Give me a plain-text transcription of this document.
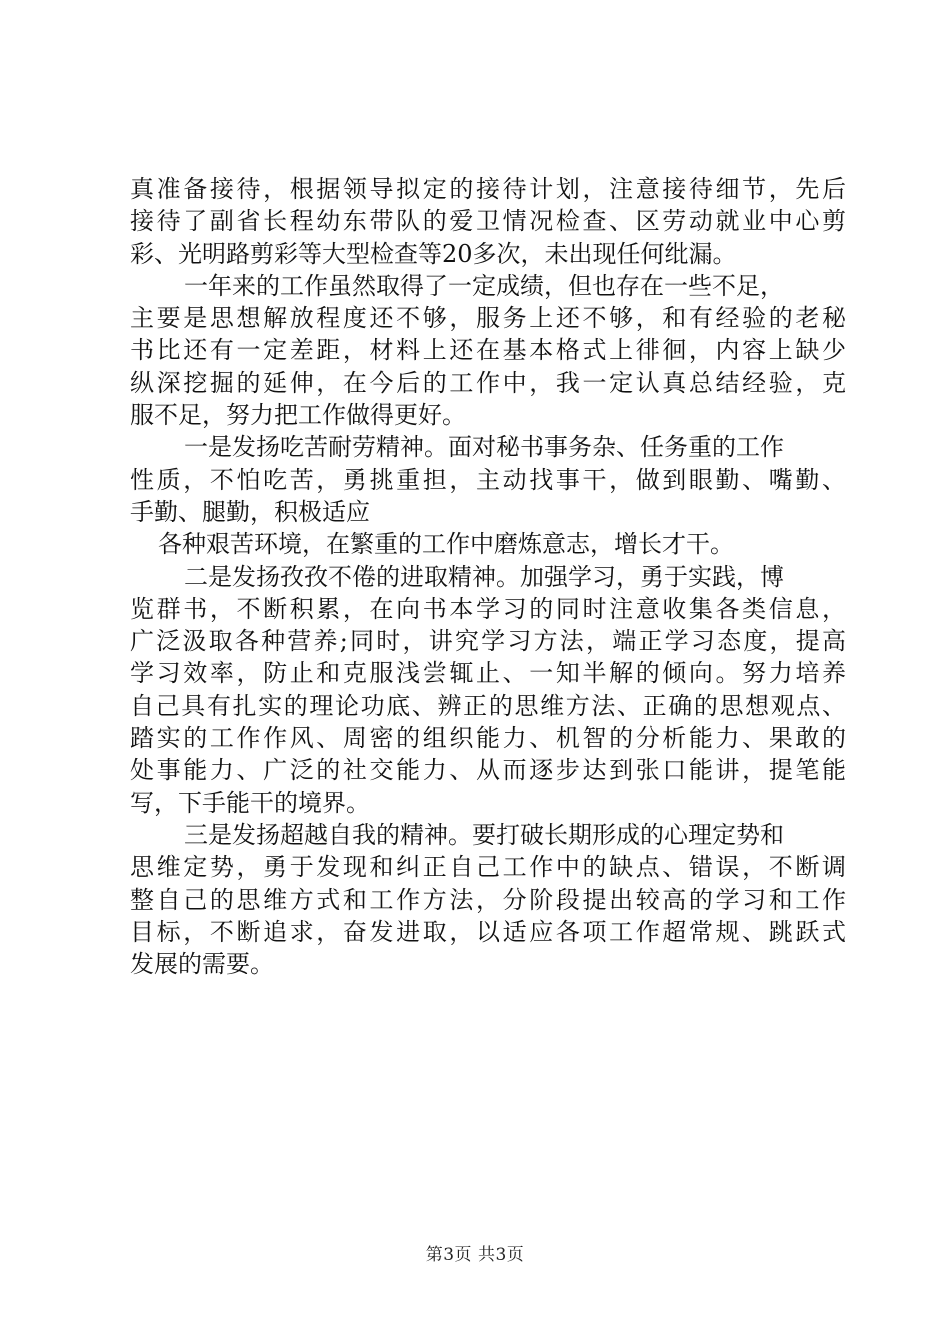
真准备接待，根据领导拟定的接待计划，注意接待细节，先后
接待了副省长程幼东带队的爱卫情况检查、区劳动就业中心剪
彩、光明路剪彩等大型检查等20多次，未出现任何纰漏。
一年来的工作虽然取得了一定成绩，但也存在一些不足，
主要是思想解放程度还不够，服务上还不够，和有经验的老秘
书比还有一定差距，材料上还在基本格式上徘徊，内容上缺少
纵深挖掘的延伸，在今后的工作中，我一定认真总结经验，克
服不足，努力把工作做得更好。
一是发扬吃苦耐劳精神。面对秘书事务杂、任务重的工作
性质，不怕吃苦，勇挑重担，主动找事干，做到眼勤、嘴勤、
手勤、腿勤，积极适应
各种艰苦环境，在繁重的工作中磨炼意志，增长才干。
二是发扬孜孜不倦的进取精神。加强学习，勇于实践，博
览群书，不断积累，在向书本学习的同时注意收集各类信息，
广泛汲取各种营养;同时，讲究学习方法，端正学习态度，提高
学习效率，防止和克服浅尝辄止、一知半解的倾向。努力培养
自己具有扎实的理论功底、辨正的思维方法、正确的思想观点、
踏实的工作作风、周密的组织能力、机智的分析能力、果敢的
处事能力、广泛的社交能力、从而逐步达到张口能讲，提笔能
写，下手能干的境界。
三是发扬超越自我的精神。要打破长期形成的心理定势和
思维定势，勇于发现和纠正自己工作中的缺点、错误，不断调
整自己的思维方式和工作方法，分阶段提出较高的学习和工作
目标，不断追求，奋发进取，以适应各项工作超常规、跳跃式
发展的需要。
第3页 共3页
